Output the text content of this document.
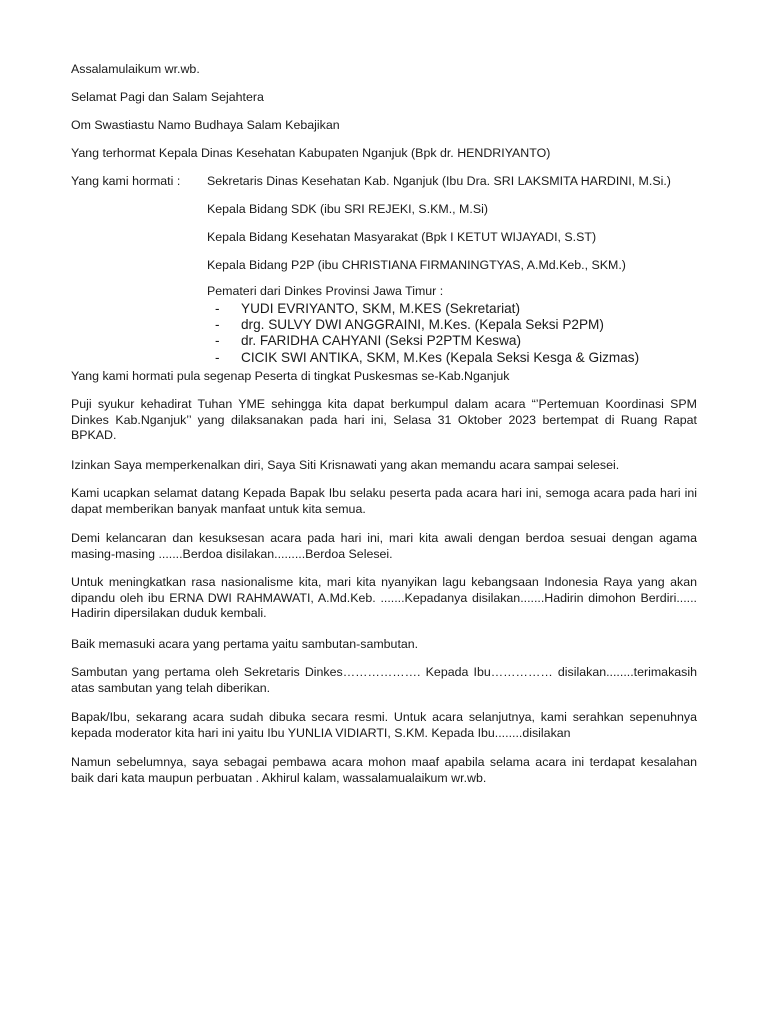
Assalamulaikum wr.wb.

Selamat Pagi dan Salam Sejahtera

Om Swastiastu Namo Budhaya Salam Kebajikan

Yang terhormat Kepala Dinas Kesehatan Kabupaten Nganjuk (Bpk dr. HENDRIYANTO)

Yang kami hormati : Sekretaris Dinas Kesehatan Kab. Nganjuk (Ibu Dra. SRI LAKSMITA HARDINI, M.Si.)
Kepala Bidang SDK (ibu SRI REJEKI, S.KM., M.Si)
Kepala Bidang Kesehatan Masyarakat (Bpk I KETUT WIJAYADI, S.ST)
Kepala Bidang P2P (ibu CHRISTIANA FIRMANINGTYAS, A.Md.Keb., SKM.)
Pemateri dari Dinkes Provinsi Jawa Timur :
- YUDI EVRIYANTO, SKM, M.KES (Sekretariat)
- drg. SULVY DWI ANGGRAINI, M.Kes. (Kepala Seksi P2PM)
- dr. FARIDHA CAHYANI (Seksi P2PTM Keswa)
- CICIK SWI ANTIKA, SKM, M.Kes (Kepala Seksi Kesga & Gizmas)

Yang kami hormati pula segenap Peserta di tingkat Puskesmas se-Kab.Nganjuk

Puji syukur kehadirat Tuhan YME sehingga kita dapat berkumpul dalam acara “’Pertemuan Koordinasi SPM Dinkes Kab.Nganjuk’’ yang dilaksanakan pada hari ini, Selasa 31 Oktober 2023 bertempat di Ruang Rapat BPKAD.

Izinkan Saya memperkenalkan diri, Saya Siti Krisnawati yang akan memandu acara sampai selesei.

Kami ucapkan selamat datang Kepada Bapak Ibu selaku peserta pada acara hari ini, semoga acara pada hari ini dapat memberikan banyak manfaat untuk kita semua.

Demi kelancaran dan kesuksesan acara pada hari ini, mari kita awali dengan berdoa sesuai dengan agama masing-masing .......Berdoa disilakan.........Berdoa Selesei.

Untuk meningkatkan rasa nasionalisme kita, mari kita nyanyikan lagu kebangsaan Indonesia Raya yang akan dipandu oleh ibu ERNA DWI RAHMAWATI, A.Md.Keb. .......Kepadanya disilakan.......Hadirin dimohon Berdiri...... Hadirin dipersilakan duduk kembali.

Baik memasuki acara yang pertama yaitu sambutan-sambutan.

Sambutan yang pertama oleh Sekretaris Dinkes………………. Kepada Ibu…………… disilakan........terimakasih atas sambutan yang telah diberikan.

Bapak/Ibu, sekarang acara sudah dibuka secara resmi. Untuk acara selanjutnya, kami serahkan sepenuhnya kepada moderator kita hari ini yaitu Ibu YUNLIA VIDIARTI, S.KM. Kepada Ibu........disilakan

Namun sebelumnya, saya sebagai pembawa acara mohon maaf apabila selama acara ini terdapat kesalahan baik dari kata maupun perbuatan . Akhirul kalam, wassalamualaikum wr.wb.
